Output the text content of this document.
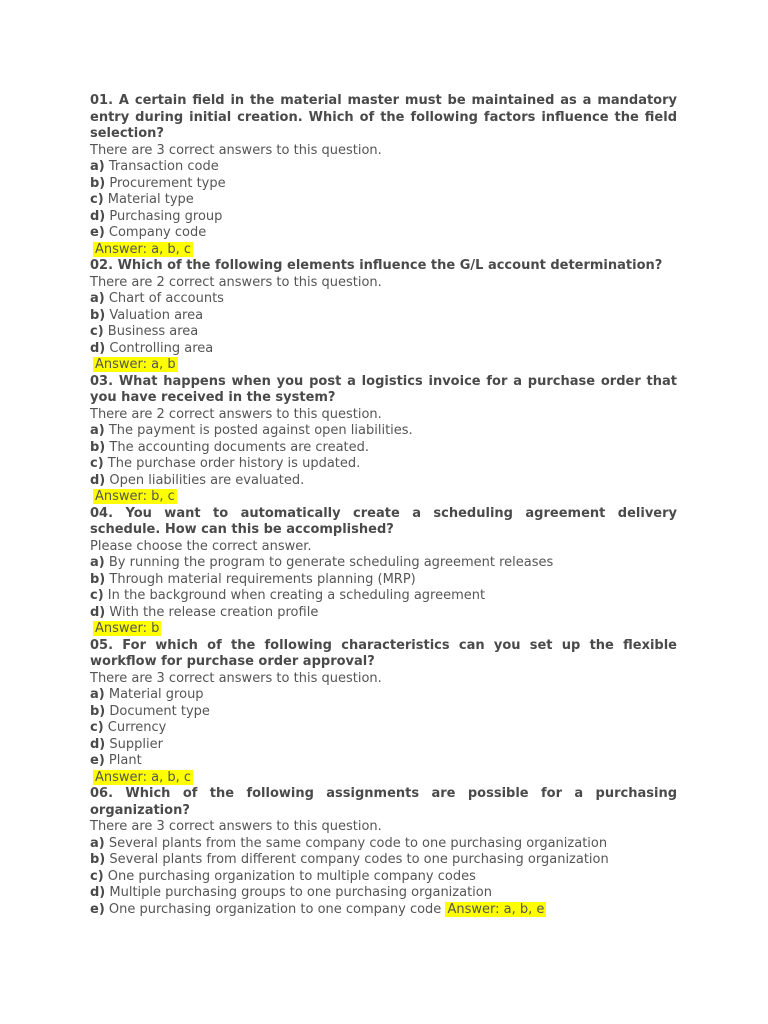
01. A certain field in the material master must be maintained as a mandatory entry during initial creation. Which of the following factors influence the field selection?
There are 3 correct answers to this question.
a) Transaction code
b) Procurement type
c) Material type
d) Purchasing group
e) Company code
Answer: a, b, c
02. Which of the following elements influence the G/L account determination?
There are 2 correct answers to this question.
a) Chart of accounts
b) Valuation area
c) Business area
d) Controlling area
Answer: a, b
03. What happens when you post a logistics invoice for a purchase order that you have received in the system?
There are 2 correct answers to this question.
a) The payment is posted against open liabilities.
b) The accounting documents are created.
c) The purchase order history is updated.
d) Open liabilities are evaluated.
Answer: b, c
04. You want to automatically create a scheduling agreement delivery schedule. How can this be accomplished?
Please choose the correct answer.
a) By running the program to generate scheduling agreement releases
b) Through material requirements planning (MRP)
c) In the background when creating a scheduling agreement
d) With the release creation profile
Answer: b
05. For which of the following characteristics can you set up the flexible workflow for purchase order approval?
There are 3 correct answers to this question.
a) Material group
b) Document type
c) Currency
d) Supplier
e) Plant
Answer: a, b, c
06. Which of the following assignments are possible for a purchasing organization?
There are 3 correct answers to this question.
a) Several plants from the same company code to one purchasing organization
b) Several plants from different company codes to one purchasing organization
c) One purchasing organization to multiple company codes
d) Multiple purchasing groups to one purchasing organization
e) One purchasing organization to one company code Answer: a, b, e
